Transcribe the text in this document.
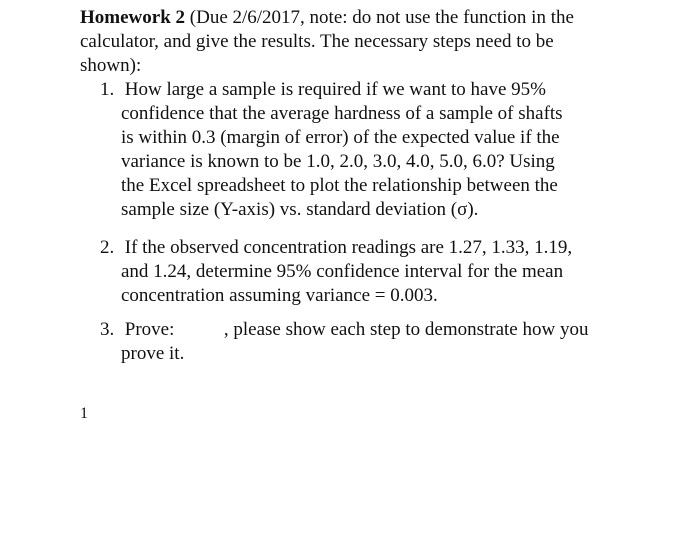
Homework 2 (Due 2/6/2017, note: do not use the function in the
calculator, and give the results. The necessary steps need to be
shown):
1. How large a sample is required if we want to have 95%
confidence that the average hardness of a sample of shafts
is within 0.3 (margin of error) of the expected value if the
variance is known to be 1.0, 2.0, 3.0, 4.0, 5.0, 6.0? Using
the Excel spreadsheet to plot the relationship between the
sample size (Y-axis) vs. standard deviation (σ).
2. If the observed concentration readings are 1.27, 1.33, 1.19,
and 1.24, determine 95% confidence interval for the mean
concentration assuming variance = 0.003.
3. Prove:	, please show each step to demonstrate how you
prove it.
1
